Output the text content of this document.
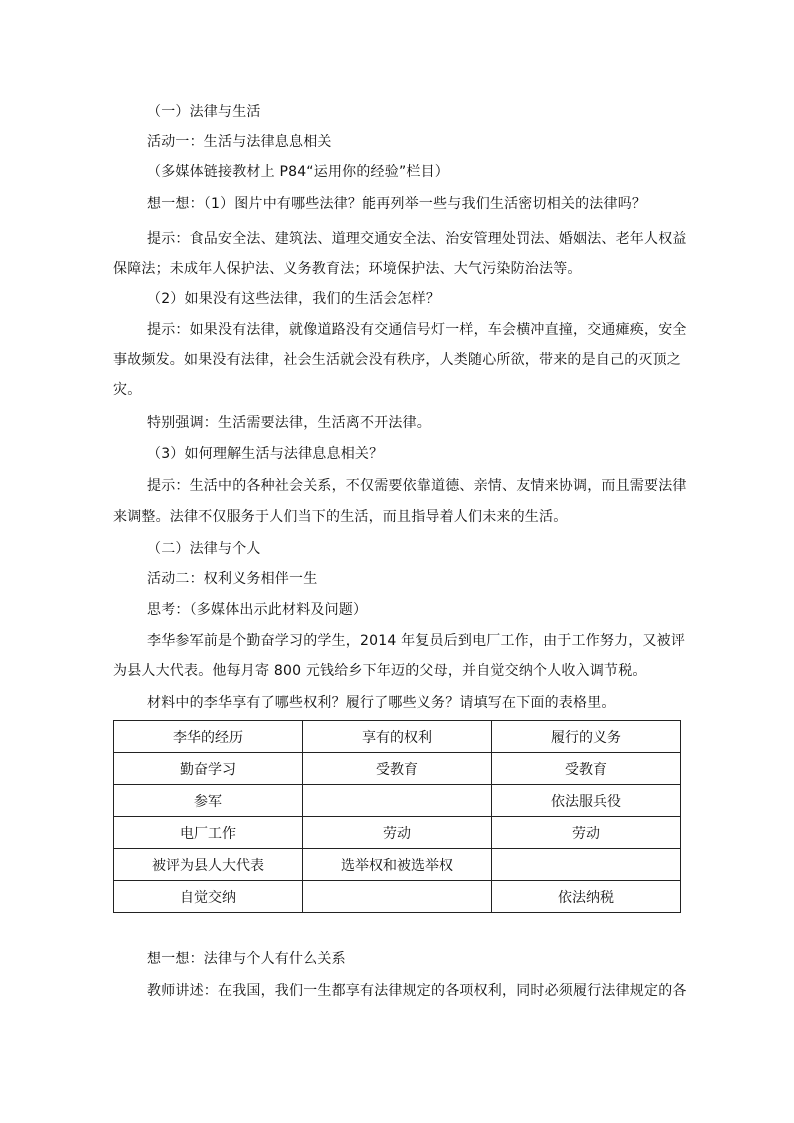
（一）法律与生活
活动一：生活与法律息息相关
（多媒体链接教材上 P84“运用你的经验”栏目）
想一想：（1）图片中有哪些法律？能再列举一些与我们生活密切相关的法律吗？
提示：食品安全法、建筑法、道理交通安全法、治安管理处罚法、婚姻法、老年人权益
保障法；未成年人保护法、义务教育法；环境保护法、大气污染防治法等。
（2）如果没有这些法律，我们的生活会怎样？
提示：如果没有法律，就像道路没有交通信号灯一样，车会横冲直撞，交通瘫痪，安全
事故频发。如果没有法律，社会生活就会没有秩序，人类随心所欲，带来的是自己的灭顶之
灾。
特别强调：生活需要法律，生活离不开法律。
（3）如何理解生活与法律息息相关？
提示：生活中的各种社会关系，不仅需要依靠道德、亲情、友情来协调，而且需要法律
来调整。法律不仅服务于人们当下的生活，而且指导着人们未来的生活。
（二）法律与个人
活动二：权利义务相伴一生
思考：（多媒体出示此材料及问题）
李华参军前是个勤奋学习的学生，2014 年复员后到电厂工作，由于工作努力，又被评
为县人大代表。他每月寄 800 元钱给乡下年迈的父母，并自觉交纳个人收入调节税。
材料中的李华享有了哪些权利？履行了哪些义务？请填写在下面的表格里。
李华的经历	享有的权利	履行的义务
勤奋学习	受教育	受教育
参军		依法服兵役
电厂工作	劳动	劳动
被评为县人大代表	选举权和被选举权	
自觉交纳		依法纳税
想一想：法律与个人有什么关系
教师讲述：在我国，我们一生都享有法律规定的各项权利，同时必须履行法律规定的各
